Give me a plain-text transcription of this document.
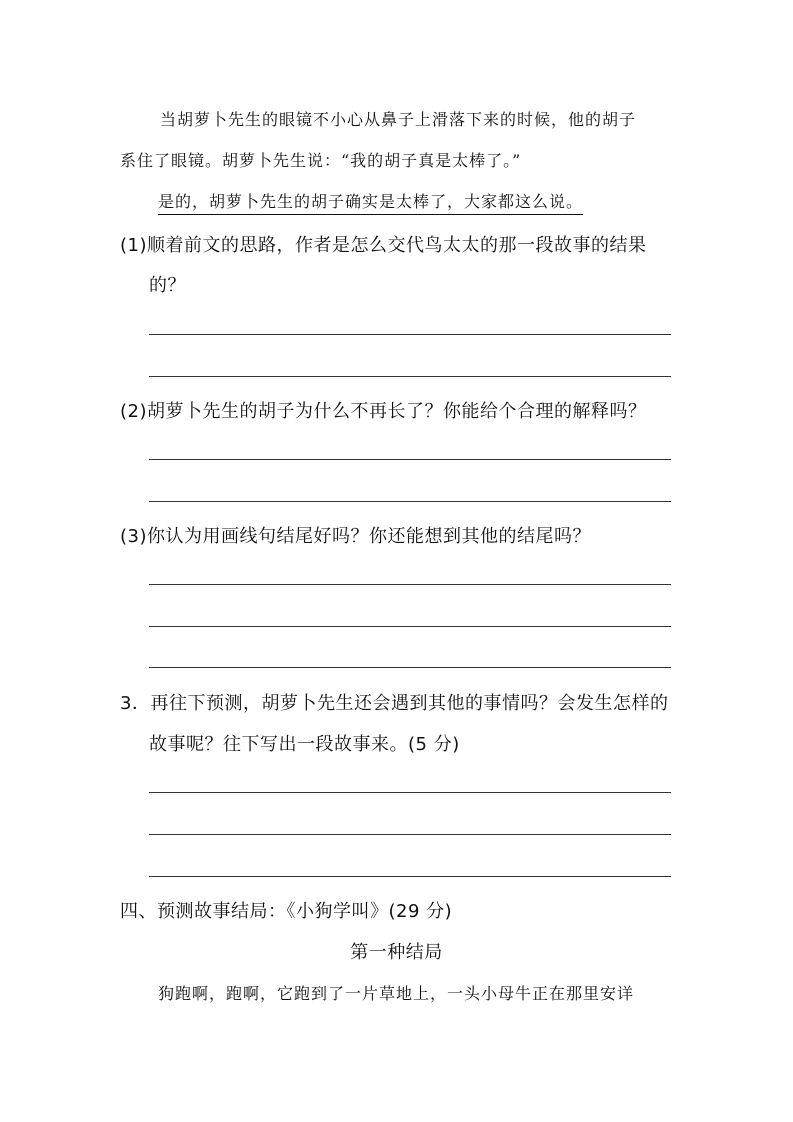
当胡萝卜先生的眼镜不小心从鼻子上滑落下来的时候，他的胡子
系住了眼镜。胡萝卜先生说：“我的胡子真是太棒了。”
是的，胡萝卜先生的胡子确实是太棒了，大家都这么说。
(1)顺着前文的思路，作者是怎么交代鸟太太的那一段故事的结果
的？
(2)胡萝卜先生的胡子为什么不再长了？你能给个合理的解释吗？
(3)你认为用画线句结尾好吗？你还能想到其他的结尾吗？
3．再往下预测，胡萝卜先生还会遇到其他的事情吗？会发生怎样的
故事呢？往下写出一段故事来。(5 分)
四、预测故事结局：《小狗学叫》(29 分)
第一种结局
狗跑啊，跑啊，它跑到了一片草地上，一头小母牛正在那里安详
